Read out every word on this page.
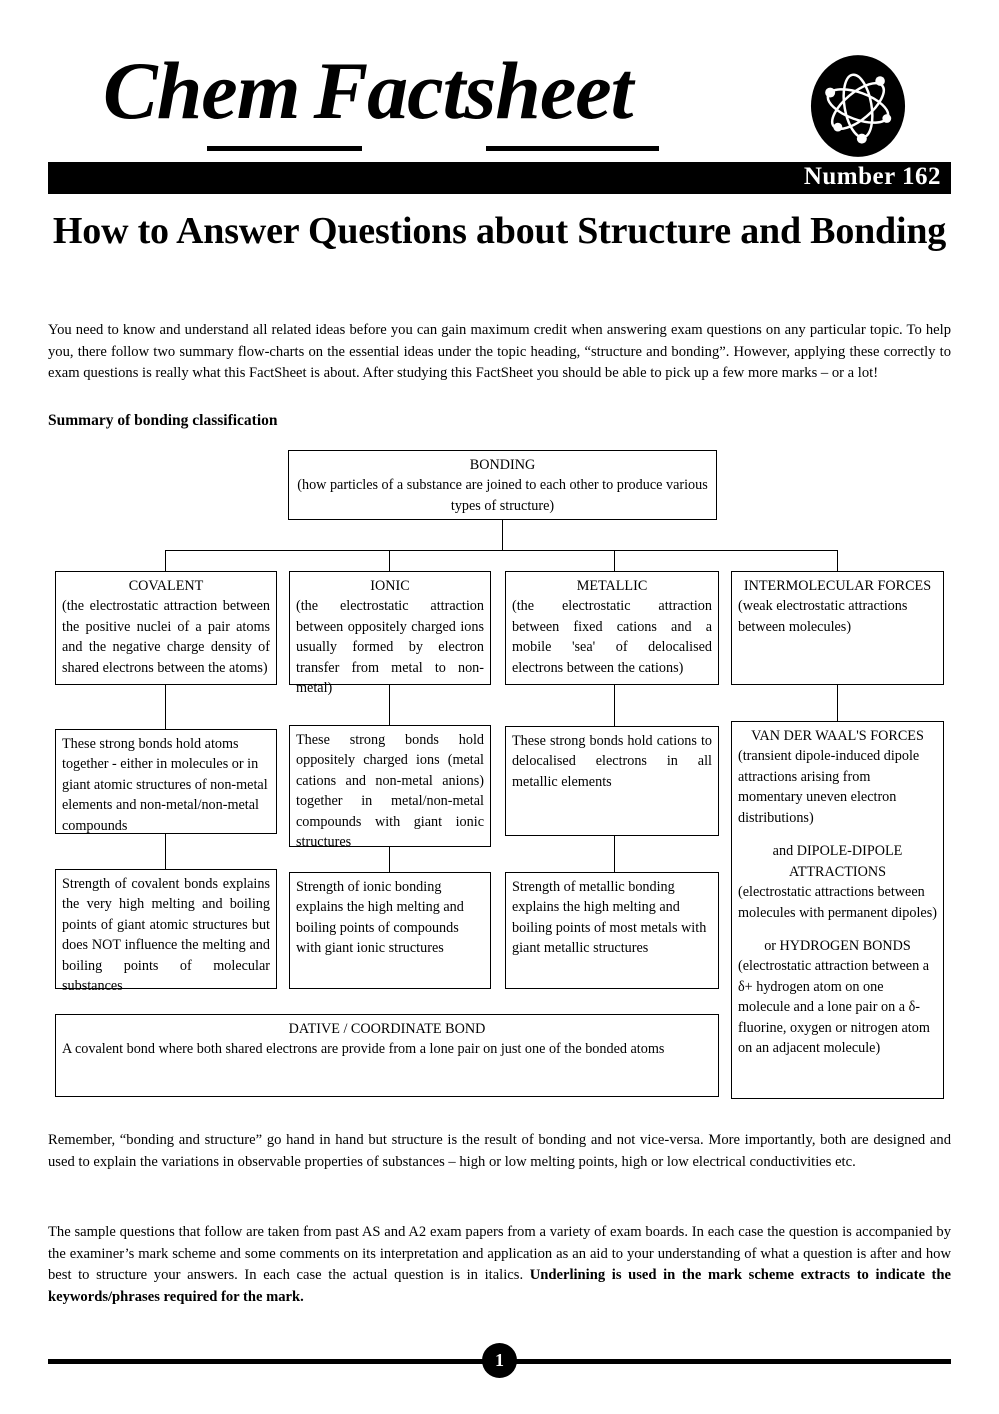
Chem Factsheet
Number 162
How to Answer Questions about Structure and Bonding
You need to know and understand all related ideas before you can gain maximum credit when answering exam questions on any particular topic. To help you, there follow two summary flow-charts on the essential ideas under the topic heading, “structure and bonding”. However, applying these correctly to exam questions is really what this FactSheet is about. After studying this FactSheet you should be able to pick up a few more marks – or a lot!
Summary of bonding classification
BONDING
(how particles of a substance are joined to each other to produce various types of structure)
COVALENT
(the electrostatic attraction between the positive nuclei of a pair atoms and the negative charge density of shared electrons between the atoms)
IONIC
(the electrostatic attraction between oppositely charged ions usually formed by electron transfer from metal to non-metal)
METALLIC
(the electrostatic attraction between fixed cations and a mobile 'sea' of delocalised electrons between the cations)
INTERMOLECULAR FORCES
(weak electrostatic attractions between molecules)
These strong bonds hold atoms together - either in molecules or in giant atomic structures of non-metal elements and non-metal/non-metal compounds
These strong bonds hold oppositely charged ions (metal cations and non-metal anions) together in metal/non-metal compounds with giant ionic structures
These strong bonds hold cations to delocalised electrons in all metallic elements
VAN DER WAAL'S FORCES
(transient dipole-induced dipole attractions arising from momentary uneven electron distributions)
and DIPOLE-DIPOLE
ATTRACTIONS
(electrostatic attractions between molecules with permanent dipoles)
or HYDROGEN BONDS
(electrostatic attraction between a δ+ hydrogen atom on one molecule and a lone pair on a δ- fluorine, oxygen or nitrogen atom on an adjacent molecule)
Strength of covalent bonds explains the very high melting and boiling points of giant atomic structures but does NOT influence the melting and boiling points of molecular substances
Strength of ionic bonding explains the high melting and boiling points of compounds with giant ionic structures
Strength of metallic bonding explains the high melting and boiling points of most metals with giant metallic structures
DATIVE / COORDINATE BOND
A covalent bond where both shared electrons are provide from a lone pair on just one of the bonded atoms
Remember, “bonding and structure” go hand in hand but structure is the result of bonding and not vice-versa. More importantly, both are designed and used to explain the variations in observable properties of substances – high or low melting points, high or low electrical conductivities etc.
The sample questions that follow are taken from past AS and A2 exam papers from a variety of exam boards. In each case the question is accompanied by the examiner’s mark scheme and some comments on its interpretation and application as an aid to your understanding of what a question is after and how best to structure your answers. In each case the actual question is in italics. Underlining is used in the mark scheme extracts to indicate the keywords/phrases required for the mark.
1
